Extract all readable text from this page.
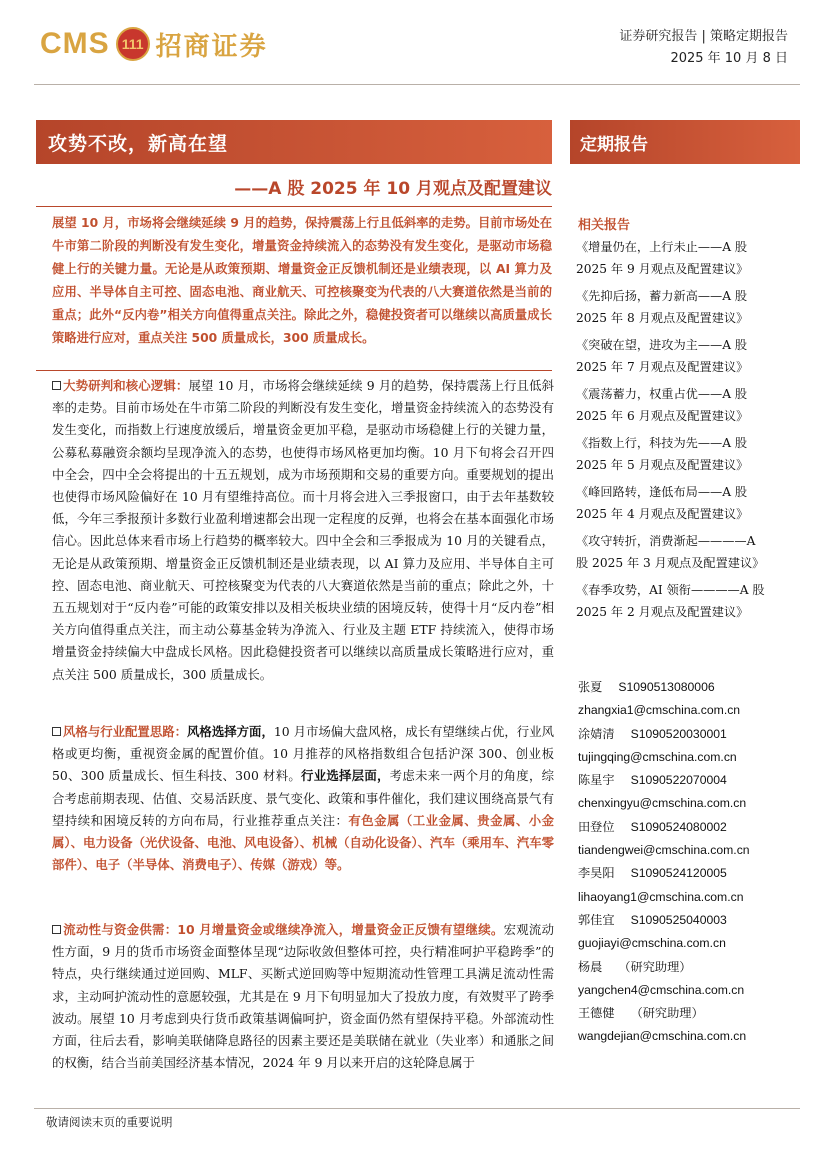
CMS 111 招商证券	证券研究报告 | 策略定期报告
2025 年 10 月 8 日
攻势不改，新高在望	定期报告
——A 股 2025 年 10 月观点及配置建议
展望 10 月，市场将会继续延续 9 月的趋势，保持震荡上行且低斜率的走势。目前市场处在牛市第二阶段的判断没有发生变化，增量资金持续流入的态势没有发生变化，是驱动市场稳健上行的关键力量。无论是从政策预期、增量资金正反馈机制还是业绩表现，以 AI 算力及应用、半导体自主可控、固态电池、商业航天、可控核聚变为代表的八大赛道依然是当前的重点；此外“反内卷”相关方向值得重点关注。除此之外，稳健投资者可以继续以高质量成长策略进行应对，重点关注 500 质量成长，300 质量成长。
大势研判和核心逻辑：展望 10 月，市场将会继续延续 9 月的趋势，保持震荡上行且低斜率的走势。目前市场处在牛市第二阶段的判断没有发生变化，增量资金持续流入的态势没有发生变化，而指数上行速度放缓后，增量资金更加平稳，是驱动市场稳健上行的关键力量，公募私募融资余额均呈现净流入的态势，也使得市场风格更加均衡。10 月下旬将会召开四中全会，四中全会将提出的十五五规划，成为市场预期和交易的重要方向。重要规划的提出也使得市场风险偏好在 10 月有望维持高位。而十月将会进入三季报窗口，由于去年基数较低，今年三季报预计多数行业盈利增速都会出现一定程度的反弹，也将会在基本面强化市场信心。因此总体来看市场上行趋势的概率较大。四中全会和三季报成为 10 月的关键看点，无论是从政策预期、增量资金正反馈机制还是业绩表现，以 AI 算力及应用、半导体自主可控、固态电池、商业航天、可控核聚变为代表的八大赛道依然是当前的重点；除此之外，十五五规划对于“反内卷”可能的政策安排以及相关板块业绩的困境反转，使得十月“反内卷”相关方向值得重点关注，而主动公募基金转为净流入、行业及主题 ETF 持续流入，使得市场增量资金持续偏大中盘成长风格。因此稳健投资者可以继续以高质量成长策略进行应对，重点关注 500 质量成长，300 质量成长。
风格与行业配置思路：风格选择方面，10 月市场偏大盘风格，成长有望继续占优，行业风格或更均衡，重视资金属的配置价值。10 月推荐的风格指数组合包括沪深 300、创业板 50、300 质量成长、恒生科技、300 材料。行业选择层面，考虑未来一两个月的角度，综合考虑前期表现、估值、交易活跃度、景气变化、政策和事件催化，我们建议围绕高景气有望持续和困境反转的方向布局，行业推荐重点关注：有色金属（工业金属、贵金属、小金属）、电力设备（光伏设备、电池、风电设备）、机械（自动化设备）、汽车（乘用车、汽车零部件）、电子（半导体、消费电子）、传媒（游戏）等。
流动性与资金供需：10 月增量资金或继续净流入，增量资金正反馈有望继续。宏观流动性方面，9 月的货币市场资金面整体呈现“边际收敛但整体可控，央行精准呵护平稳跨季”的特点，央行继续通过逆回购、MLF、买断式逆回购等中短期流动性管理工具满足流动性需求，主动呵护流动性的意愿较强，尤其是在 9 月下旬明显加大了投放力度，有效熨平了跨季波动。展望 10 月考虑到央行货币政策基调偏呵护，资金面仍然有望保持平稳。外部流动性方面，往后去看，影响美联储降息路径的因素主要还是美联储在就业（失业率）和通胀之间的权衡，结合当前美国经济基本情况，2024 年 9 月以来开启的这轮降息属于
相关报告
《增量仍在，上行未止——A 股
2025 年 9 月观点及配置建议》
《先抑后扬，蓄力新高——A 股
2025 年 8 月观点及配置建议》
《突破在望，进攻为主——A 股
2025 年 7 月观点及配置建议》
《震荡蓄力，权重占优——A 股
2025 年 6 月观点及配置建议》
《指数上行，科技为先——A 股
2025 年 5 月观点及配置建议》
《峰回路转，逢低布局——A 股
2025 年 4 月观点及配置建议》
《攻守转折，消费渐起————A
股 2025 年 3 月观点及配置建议》
《春季攻势，AI 领衔————A 股
2025 年 2 月观点及配置建议》
张夏 S1090513080006
zhangxia1@cmschina.com.cn
涂婧清 S1090520030001
tujingqing@cmschina.com.cn
陈星宇 S1090522070004
chenxingyu@cmschina.com.cn
田登位 S1090524080002
tiandengwei@cmschina.com.cn
李昊阳 S1090524120005
lihaoyang1@cmschina.com.cn
郭佳宜 S1090525040003
guojiayi@cmschina.com.cn
杨晨 （研究助理）
yangchen4@cmschina.com.cn
王德健 （研究助理）
wangdejian@cmschina.com.cn
敬请阅读末页的重要说明
